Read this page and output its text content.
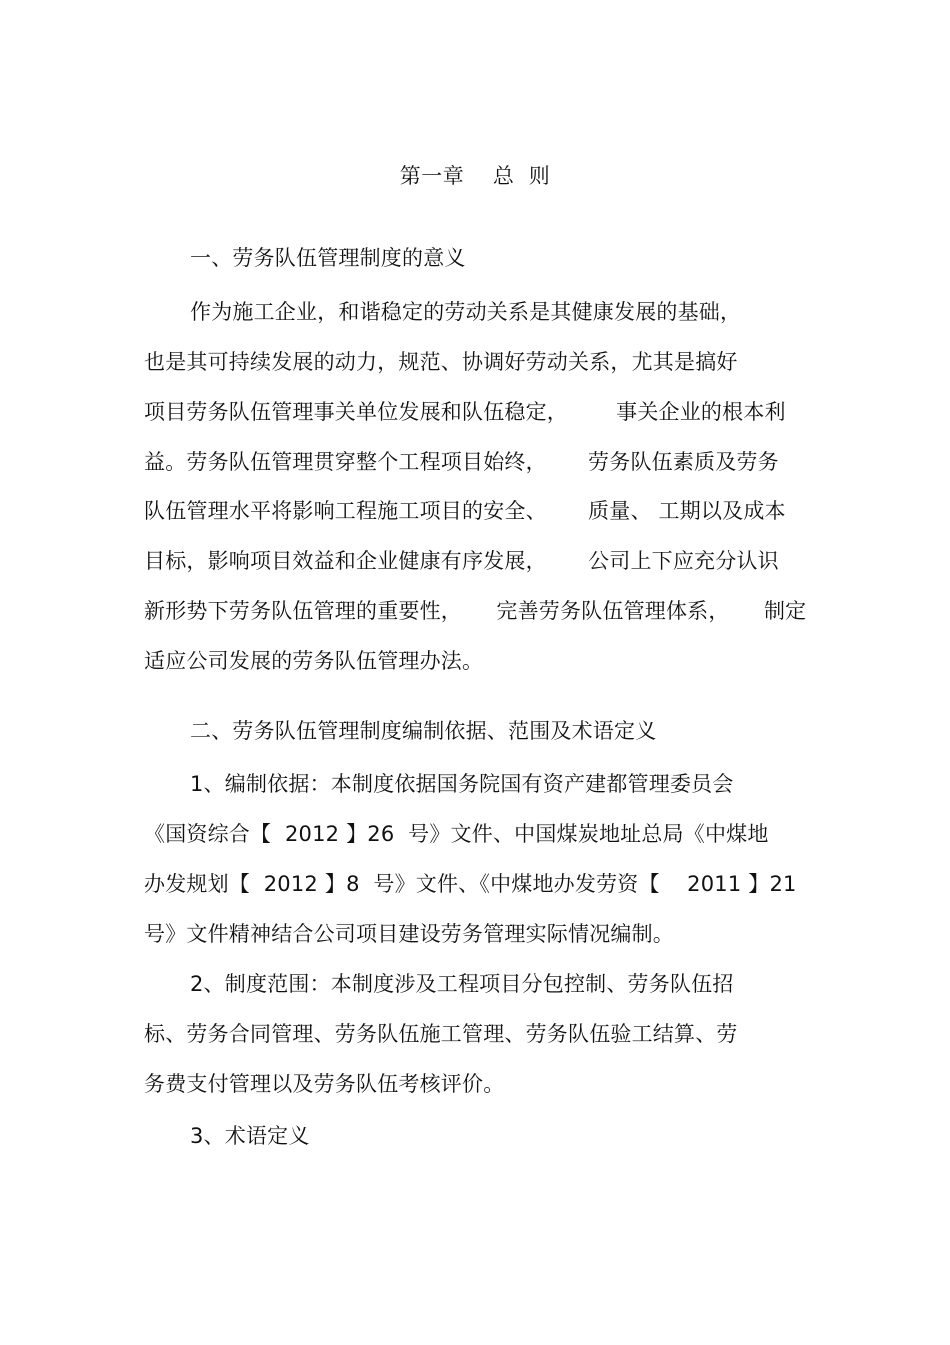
第一章    总  则
一、劳务队伍管理制度的意义
作为施工企业，和谐稳定的劳动关系是其健康发展的基础，
也是其可持续发展的动力，规范、协调好劳动关系，尤其是搞好
项目劳务队伍管理事关单位发展和队伍稳定，       事关企业的根本利
益。劳务队伍管理贯穿整个工程项目始终，      劳务队伍素质及劳务
队伍管理水平将影响工程施工项目的安全、      质量、 工期以及成本
目标，影响项目效益和企业健康有序发展，      公司上下应充分认识
新形势下劳务队伍管理的重要性，     完善劳务队伍管理体系，     制定
适应公司发展的劳务队伍管理办法。
二、劳务队伍管理制度编制依据、范围及术语定义
1、编制依据：本制度依据国务院国有资产建都管理委员会
《国资综合【  2012 】26  号》文件、中国煤炭地址总局《中煤地
办发规划【  2012 】8  号》文件、《中煤地办发劳资【    2011 】21
号》文件精神结合公司项目建设劳务管理实际情况编制。
2、制度范围：本制度涉及工程项目分包控制、劳务队伍招
标、劳务合同管理、劳务队伍施工管理、劳务队伍验工结算、劳
务费支付管理以及劳务队伍考核评价。
3、术语定义
